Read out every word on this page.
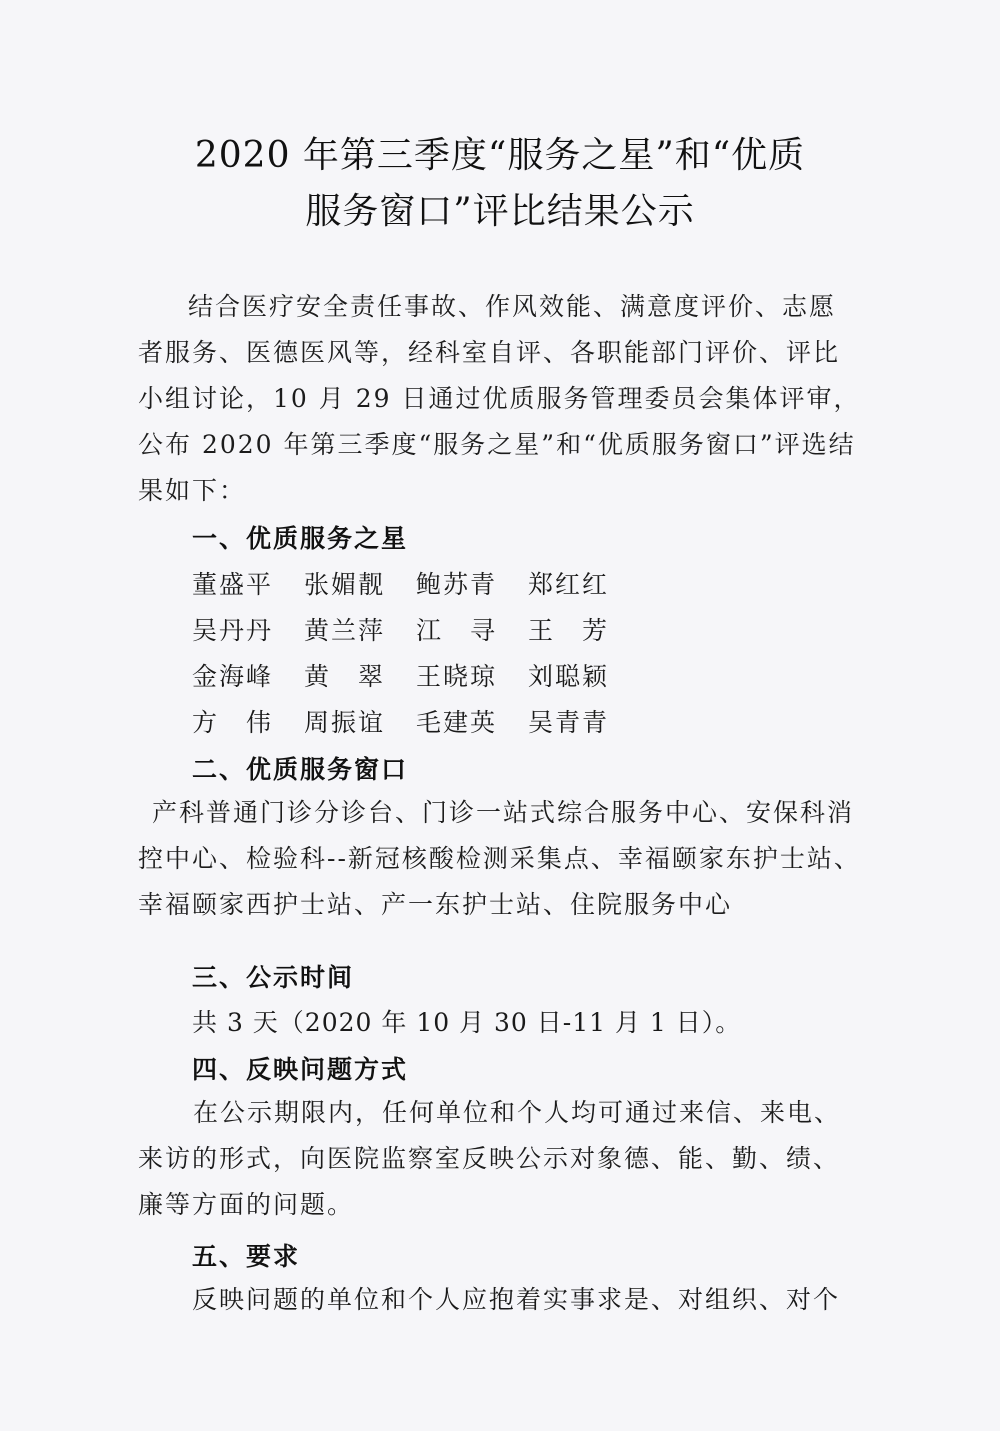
2020 年第三季度“服务之星”和“优质
服务窗口”评比结果公示
结合医疗安全责任事故、作风效能、满意度评价、志愿者服务、医德医风等，经科室自评、各职能部门评价、评比小组讨论，10 月 29 日通过优质服务管理委员会集体评审，公布 2020 年第三季度“服务之星”和“优质服务窗口”评选结果如下：
一、优质服务之星
董盛平	张媚靓	鲍苏青	郑红红
吴丹丹	黄兰萍	江　寻	王　芳
金海峰	黄　翠	王晓琼	刘聪颖
方　伟	周振谊	毛建英	吴青青
二、优质服务窗口
产科普通门诊分诊台、门诊一站式综合服务中心、安保科消控中心、检验科--新冠核酸检测采集点、幸福颐家东护士站、幸福颐家西护士站、产一东护士站、住院服务中心
三、公示时间
共 3 天（2020 年 10 月 30 日-11 月 1 日）。
四、反映问题方式
在公示期限内，任何单位和个人均可通过来信、来电、来访的形式，向医院监察室反映公示对象德、能、勤、绩、廉等方面的问题。
五、要求
反映问题的单位和个人应抱着实事求是、对组织、对个
